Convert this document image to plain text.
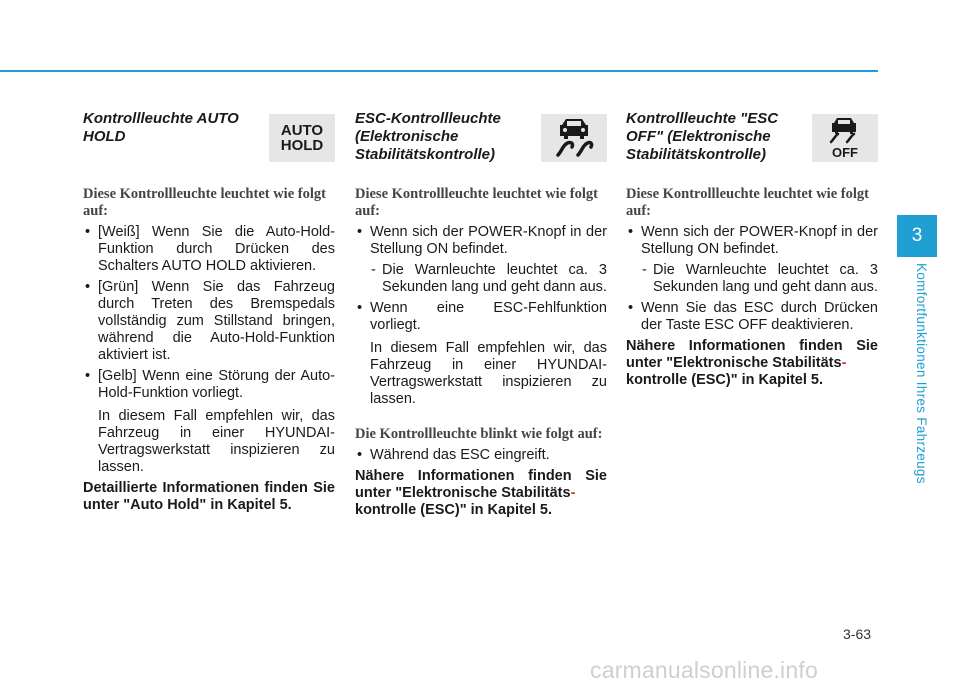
3
Komfortfunktionen Ihres Fahrzeugs
Kontrollleuchte AUTO HOLD	AUTO
HOLD
Diese Kontrollleuchte leuchtet wie folgt auf:
• [Weiß] Wenn Sie die Auto-Hold-Funktion durch Drücken des Schalters AUTO HOLD aktivieren.
• [Grün] Wenn Sie das Fahrzeug durch Treten des Bremspedals vollständig zum Stillstand bringen, während die Auto-Hold-Funktion aktiviert ist.
• [Gelb] Wenn eine Störung der Auto-Hold-Funktion vorliegt.
In diesem Fall empfehlen wir, das Fahrzeug in einer HYUNDAI-Vertragswerkstatt inspizieren zu lassen.
Detaillierte Informationen finden Sie unter "Auto Hold" in Kapitel 5.
ESC-Kontrollleuchte (Elektronische Stabilitätskontrolle)
Diese Kontrollleuchte leuchtet wie folgt auf:
• Wenn sich der POWER-Knopf in der Stellung ON befindet.
- Die Warnleuchte leuchtet ca. 3 Sekunden lang und geht dann aus.
• Wenn eine ESC-Fehlfunktion vorliegt.
In diesem Fall empfehlen wir, das Fahrzeug in einer HYUNDAI-Vertragswerkstatt inspizieren zu lassen.
Die Kontrollleuchte blinkt wie folgt auf:
• Während das ESC eingreift.
Nähere Informationen finden Sie unter "Elektronische Stabilitäts-
kontrolle (ESC)" in Kapitel 5.
Kontrollleuchte "ESC OFF" (Elektronische Stabilitätskontrolle)	OFF
Diese Kontrollleuchte leuchtet wie folgt auf:
• Wenn sich der POWER-Knopf in der Stellung ON befindet.
- Die Warnleuchte leuchtet ca. 3 Sekunden lang und geht dann aus.
• Wenn Sie das ESC durch Drücken der Taste ESC OFF deaktivieren.
Nähere Informationen finden Sie unter "Elektronische Stabilitäts-
kontrolle (ESC)" in Kapitel 5.
3-63
carmanualsonline.info
